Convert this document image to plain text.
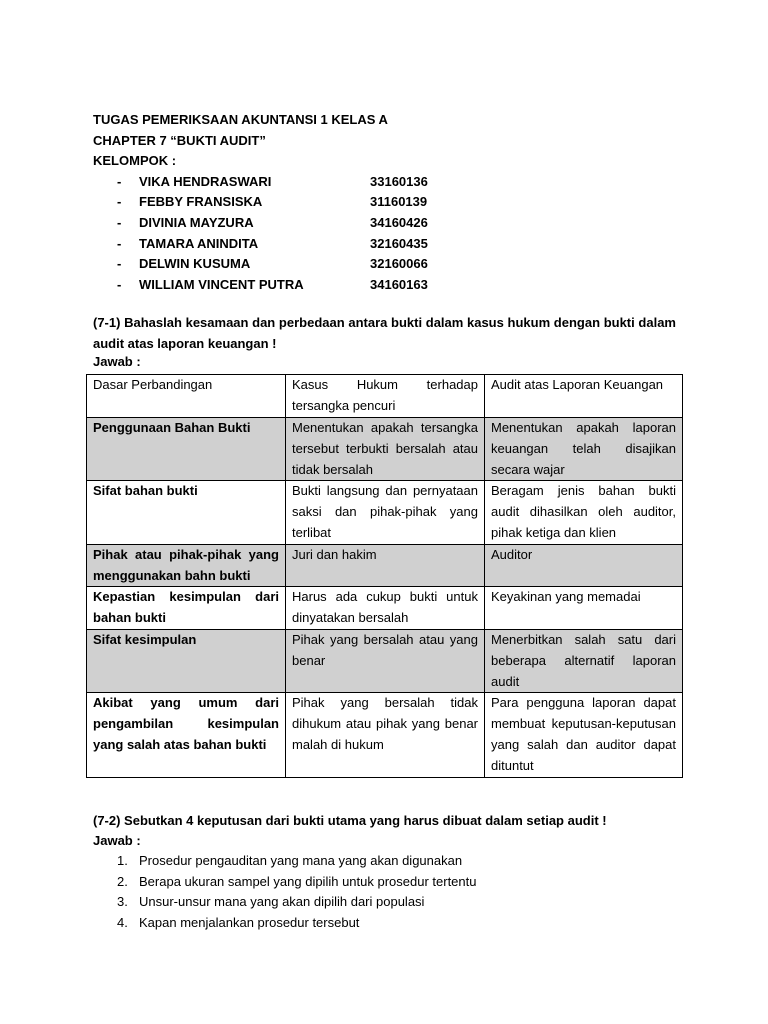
TUGAS PEMERIKSAAN AKUNTANSI 1 KELAS A
CHAPTER 7 “BUKTI AUDIT”
KELOMPOK :
- VIKA HENDRASWARI	33160136
- FEBBY FRANSISKA	31160139
- DIVINIA MAYZURA	34160426
- TAMARA ANINDITA	32160435
- DELWIN KUSUMA	32160066
- WILLIAM VINCENT PUTRA	34160163
(7-1) Bahaslah kesamaan dan perbedaan antara bukti dalam kasus hukum dengan bukti dalam audit atas laporan keuangan !
Jawab :
Dasar Perbandingan	Kasus Hukum terhadap tersangka pencuri	Audit atas Laporan Keuangan
Penggunaan Bahan Bukti	Menentukan apakah tersangka tersebut terbukti bersalah atau tidak bersalah	Menentukan apakah laporan keuangan telah disajikan secara wajar
Sifat bahan bukti	Bukti langsung dan pernyataan saksi dan pihak-pihak yang terlibat	Beragam jenis bahan bukti audit dihasilkan oleh auditor, pihak ketiga dan klien
Pihak atau pihak-pihak yang menggunakan bahn bukti	Juri dan hakim	Auditor
Kepastian kesimpulan dari bahan bukti	Harus ada cukup bukti untuk dinyatakan bersalah	Keyakinan yang memadai
Sifat kesimpulan	Pihak yang bersalah atau yang benar	Menerbitkan salah satu dari beberapa alternatif laporan audit
Akibat yang umum dari pengambilan kesimpulan yang salah atas bahan bukti	Pihak yang bersalah tidak dihukum atau pihak yang benar malah di hukum	Para pengguna laporan dapat membuat keputusan-keputusan yang salah dan auditor dapat dituntut
(7-2) Sebutkan 4 keputusan dari bukti utama yang harus dibuat dalam setiap audit !
Jawab :
1. Prosedur pengauditan yang mana yang akan digunakan
2. Berapa ukuran sampel yang dipilih untuk prosedur tertentu
3. Unsur-unsur mana yang akan dipilih dari populasi
4. Kapan menjalankan prosedur tersebut
